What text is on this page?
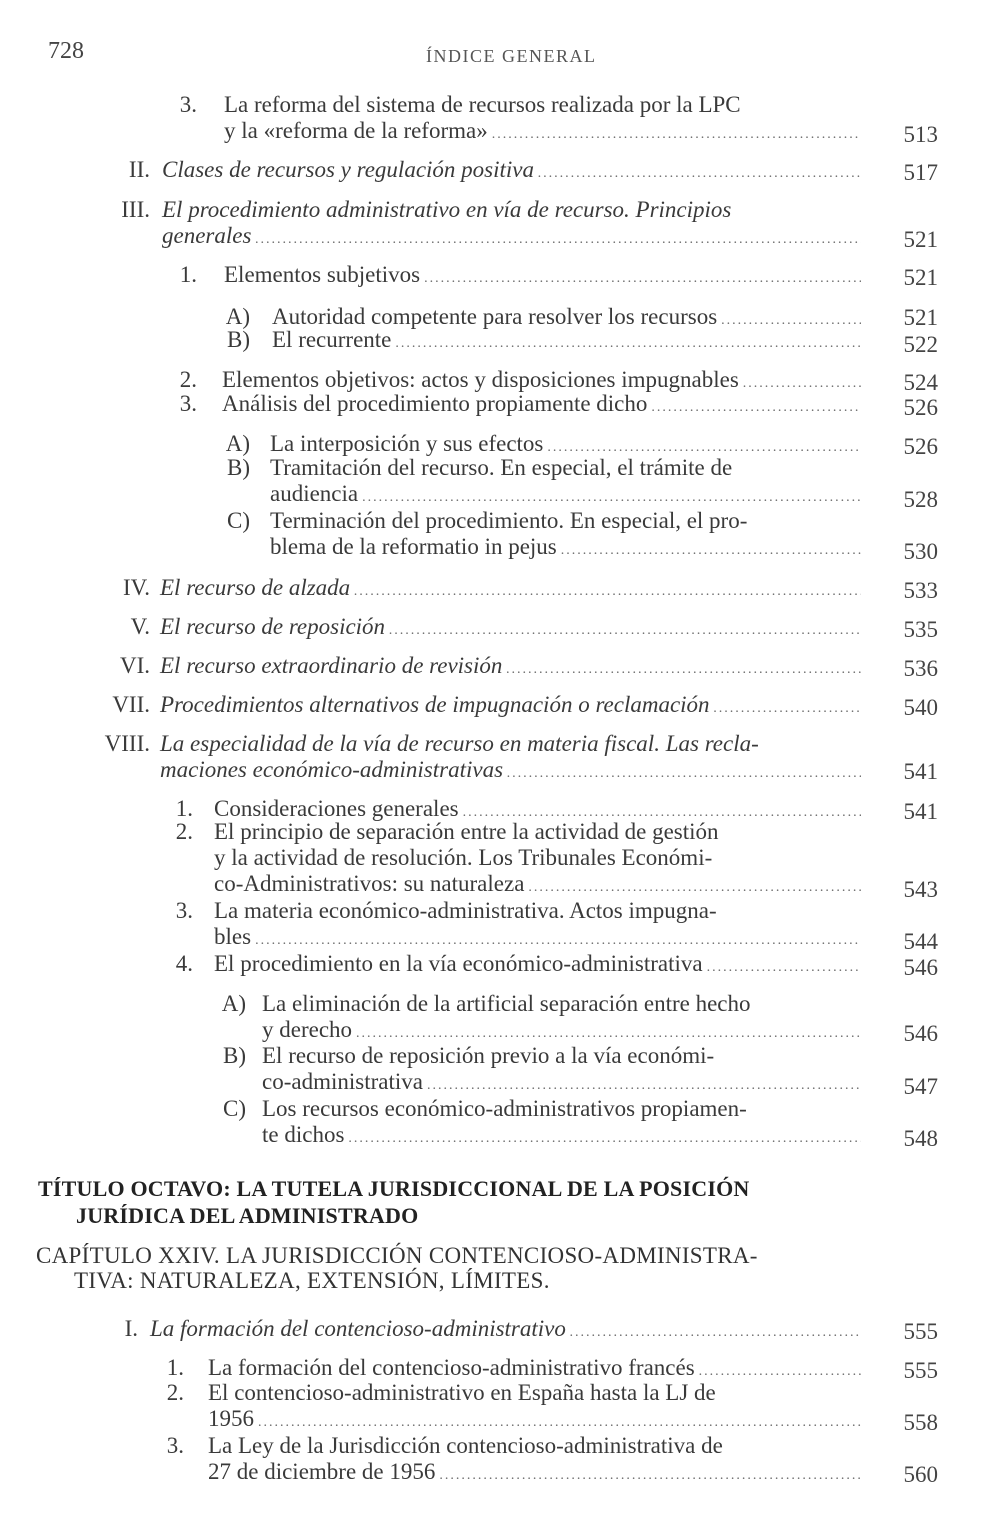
728	ÍNDICE GENERAL
3. La reforma del sistema de recursos realizada por la LPC
y la «reforma de la reforma» .....	513
II. Clases de recursos y regulación positiva .....	517
III. El procedimiento administrativo en vía de recurso. Principios
generales .....	521
1. Elementos subjetivos .....	521
A) Autoridad competente para resolver los recursos .....	521
B) El recurrente .....	522
2. Elementos objetivos: actos y disposiciones impugnables .....	524
3. Análisis del procedimiento propiamente dicho .....	526
A) La interposición y sus efectos .....	526
B) Tramitación del recurso. En especial, el trámite de
audiencia .....	528
C) Terminación del procedimiento. En especial, el pro-
blema de la reformatio in pejus .....	530
IV. El recurso de alzada .....	533
V. El recurso de reposición .....	535
VI. El recurso extraordinario de revisión .....	536
VII. Procedimientos alternativos de impugnación o reclamación .....	540
VIII. La especialidad de la vía de recurso en materia fiscal. Las recla-
maciones económico-administrativas .....	541
1. Consideraciones generales .....	541
2. El principio de separación entre la actividad de gestión
y la actividad de resolución. Los Tribunales Económi-
co-Administrativos: su naturaleza .....	543
3. La materia económico-administrativa. Actos impugna-
bles .....	544
4. El procedimiento en la vía económico-administrativa .....	546
A) La eliminación de la artificial separación entre hecho
y derecho .....	546
B) El recurso de reposición previo a la vía económi-
co-administrativa .....	547
C) Los recursos económico-administrativos propiamen-
te dichos .....	548
I. La formación del contencioso-administrativo .....	555
1. La formación del contencioso-administrativo francés .....	555
2. El contencioso-administrativo en España hasta la LJ de
1956 .....	558
3. La Ley de la Jurisdicción contencioso-administrativa de
27 de diciembre de 1956 .....	560
TÍTULO OCTAVO: LA TUTELA JURISDICCIONAL DE LA POSICIÓN
JURÍDICA DEL ADMINISTRADO
CAPÍTULO XXIV. LA JURISDICCIÓN CONTENCIOSO-ADMINISTRA-
TIVA: NATURALEZA, EXTENSIÓN, LÍMITES.
